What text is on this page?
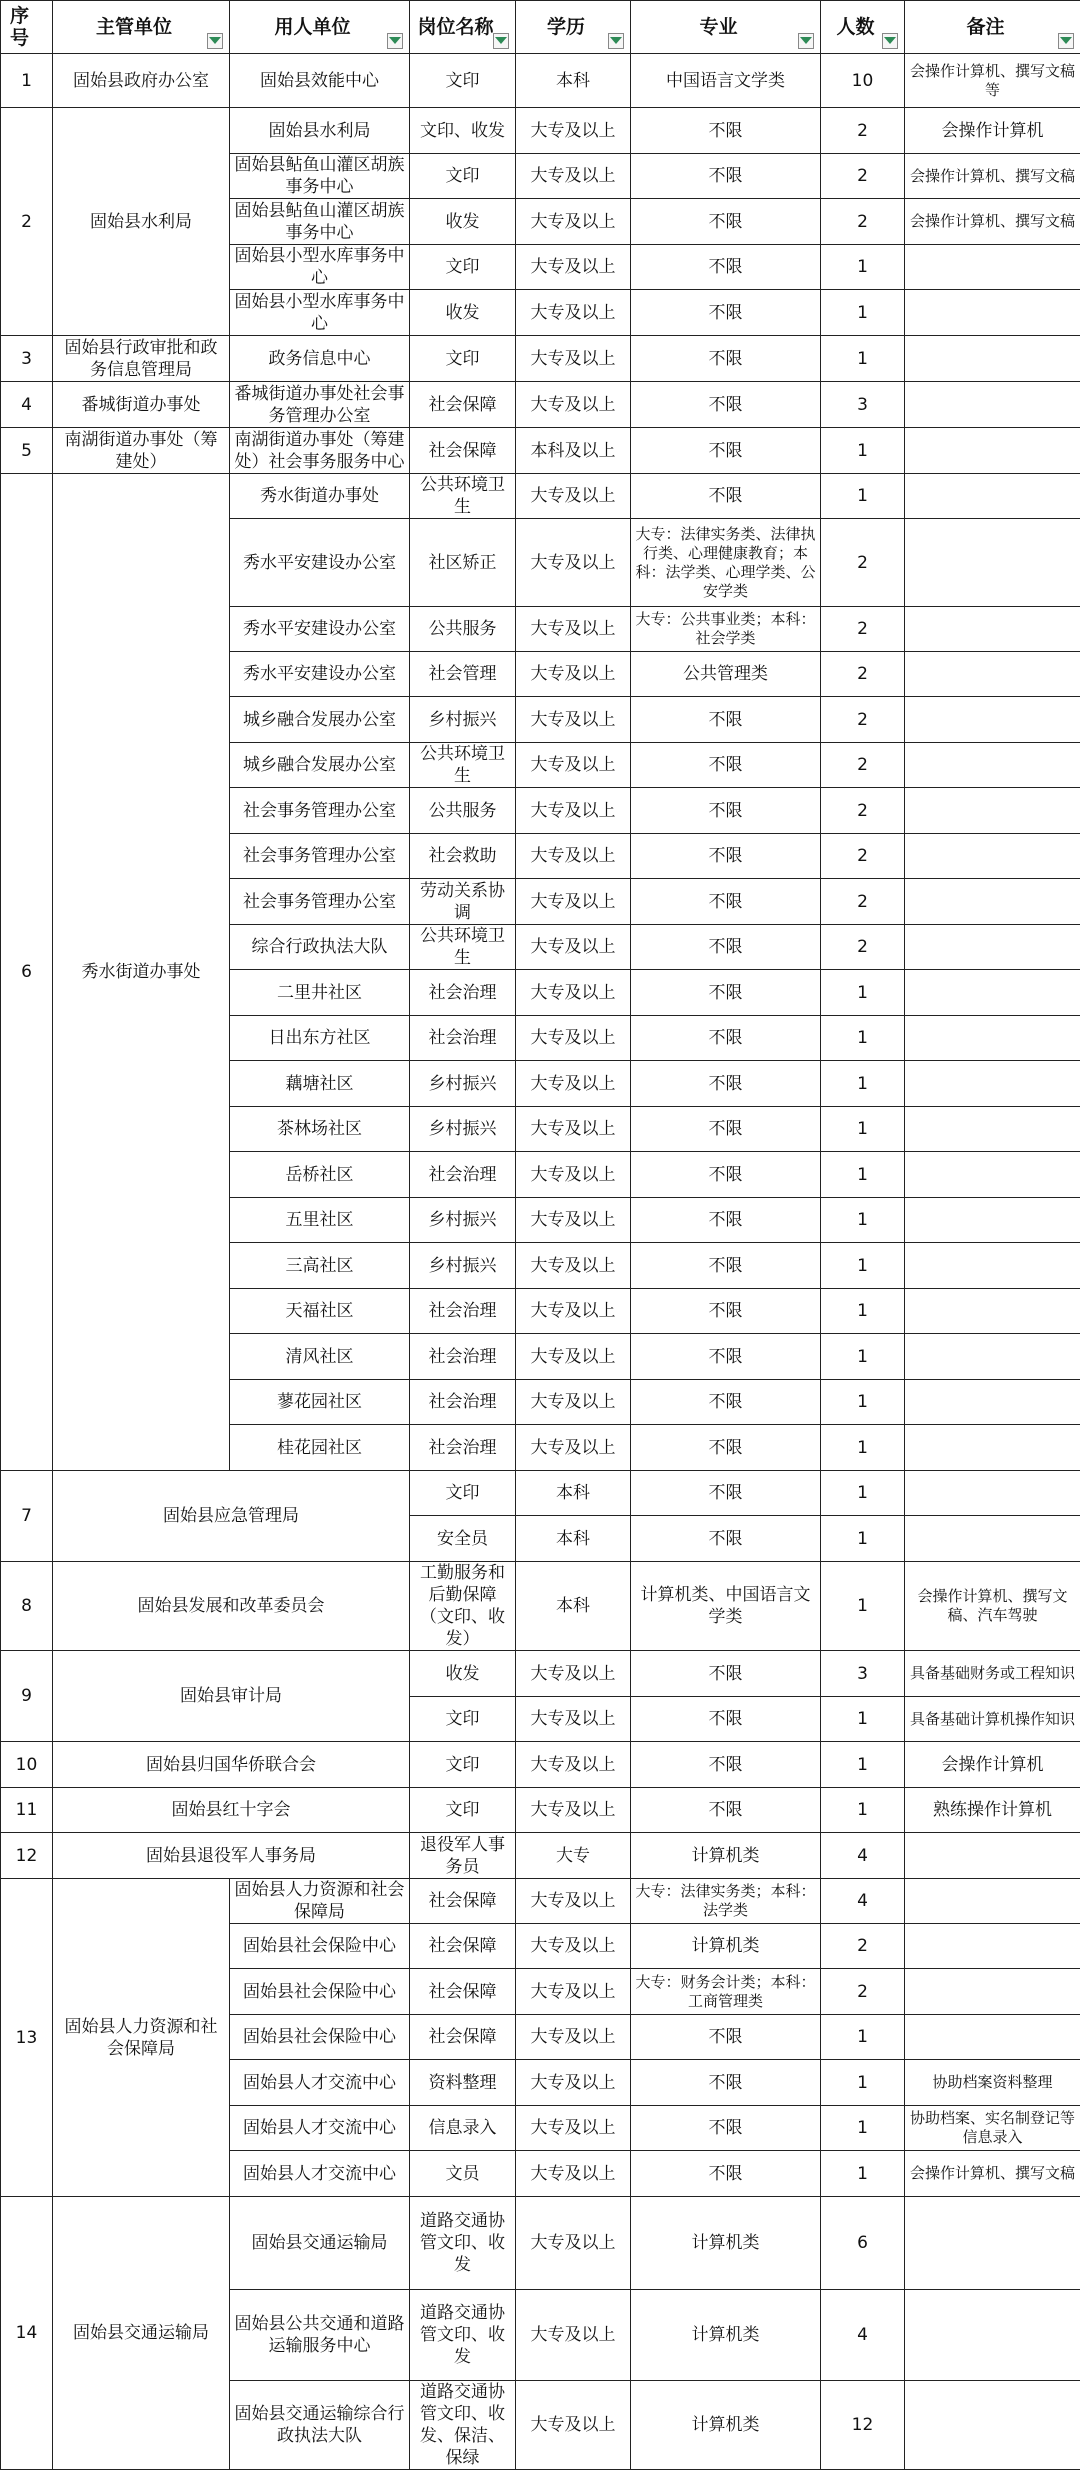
序号	主管单位	用人单位	岗位名称	学历	专业	人数	备注

1	固始县政府办公室	固始县效能中心	文印	本科	中国语言文学类	10	会操作计算机、撰写文稿等
2	固始县水利局	固始县水利局	文印、收发	大专及以上	不限	2	会操作计算机
		固始县鲇鱼山灌区胡族事务中心	文印	大专及以上	不限	2	会操作计算机、撰写文稿
		固始县鲇鱼山灌区胡族事务中心	收发	大专及以上	不限	2	会操作计算机、撰写文稿
		固始县小型水库事务中心	文印	大专及以上	不限	1	
		固始县小型水库事务中心	收发	大专及以上	不限	1	
3	固始县行政审批和政务信息管理局	政务信息中心	文印	大专及以上	不限	1	
4	番城街道办事处	番城街道办事处社会事务管理办公室	社会保障	大专及以上	不限	3	
5	南湖街道办事处（筹建处）	南湖街道办事处（筹建处）社会事务服务中心	社会保障	本科及以上	不限	1	
6	秀水街道办事处	秀水街道办事处	公共环境卫生	大专及以上	不限	1	
		秀水平安建设办公室	社区矫正	大专及以上	大专：法律实务类、法律执行类、心理健康教育；本科：法学类、心理学类、公安学类	2	
		秀水平安建设办公室	公共服务	大专及以上	大专：公共事业类；本科：社会学类	2	
		秀水平安建设办公室	社会管理	大专及以上	公共管理类	2	
		城乡融合发展办公室	乡村振兴	大专及以上	不限	2	
		城乡融合发展办公室	公共环境卫生	大专及以上	不限	2	
		社会事务管理办公室	公共服务	大专及以上	不限	2	
		社会事务管理办公室	社会救助	大专及以上	不限	2	
		社会事务管理办公室	劳动关系协调	大专及以上	不限	2	
		综合行政执法大队	公共环境卫生	大专及以上	不限	2	
		二里井社区	社会治理	大专及以上	不限	1	
		日出东方社区	社会治理	大专及以上	不限	1	
		藕塘社区	乡村振兴	大专及以上	不限	1	
		茶林场社区	乡村振兴	大专及以上	不限	1	
		岳桥社区	社会治理	大专及以上	不限	1	
		五里社区	乡村振兴	大专及以上	不限	1	
		三高社区	乡村振兴	大专及以上	不限	1	
		天福社区	社会治理	大专及以上	不限	1	
		清风社区	社会治理	大专及以上	不限	1	
		蓼花园社区	社会治理	大专及以上	不限	1	
		桂花园社区	社会治理	大专及以上	不限	1	
7	固始县应急管理局		文印	本科	不限	1	
			安全员	本科	不限	1	
8	固始县发展和改革委员会		工勤服务和后勤保障（文印、收发）	本科	计算机类、中国语言文学类	1	会操作计算机、撰写文稿、汽车驾驶
9	固始县审计局		收发	大专及以上	不限	3	具备基础财务或工程知识
			文印	大专及以上	不限	1	具备基础计算机操作知识
10	固始县归国华侨联合会		文印	大专及以上	不限	1	会操作计算机
11	固始县红十字会		文印	大专及以上	不限	1	熟练操作计算机
12	固始县退役军人事务局		退役军人事务员	大专	计算机类	4	
13	固始县人力资源和社会保障局	固始县人力资源和社会保障局	社会保障	大专及以上	大专：法律实务类；本科：法学类	4	
		固始县社会保险中心	社会保障	大专及以上	计算机类	2	
		固始县社会保险中心	社会保障	大专及以上	大专：财务会计类；本科：工商管理类	2	
		固始县社会保险中心	社会保障	大专及以上	不限	1	
		固始县人才交流中心	资料整理	大专及以上	不限	1	协助档案资料整理
		固始县人才交流中心	信息录入	大专及以上	不限	1	协助档案、实名制登记等信息录入
		固始县人才交流中心	文员	大专及以上	不限	1	会操作计算机、撰写文稿
14	固始县交通运输局	固始县交通运输局	道路交通协管文印、收发	大专及以上	计算机类	6	
		固始县公共交通和道路运输服务中心	道路交通协管文印、收发	大专及以上	计算机类	4	
		固始县交通运输综合行政执法大队	道路交通协管文印、收发、保洁、保绿	大专及以上	计算机类	12	
